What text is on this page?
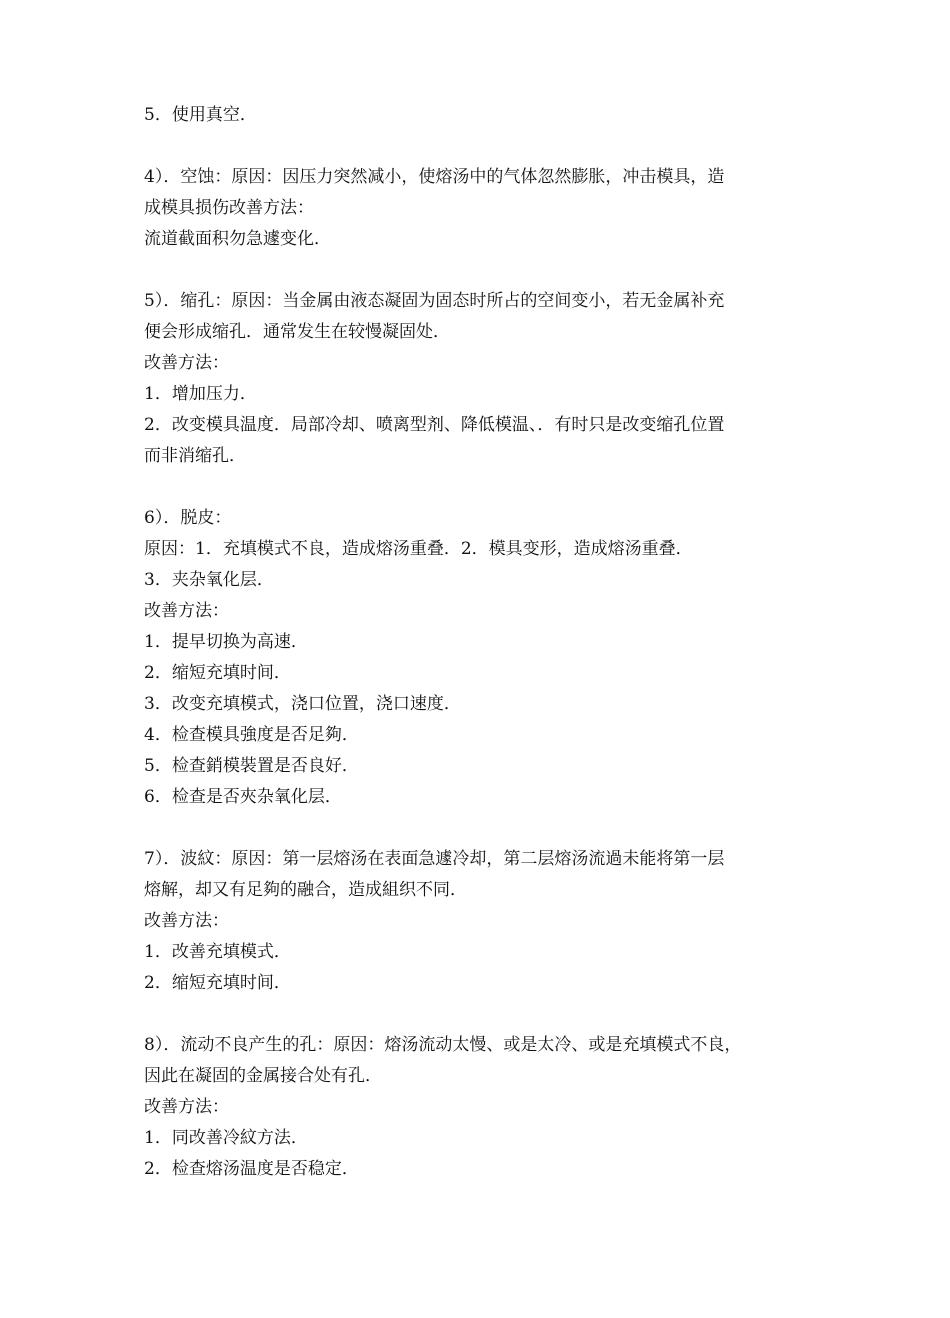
5．使用真空．
4）．空蚀：原因：因压力突然减小，使熔汤中的气体忽然膨胀，冲击模具，造
成模具损伤改善方法：
流道截面积勿急遽变化．
5）．缩孔：原因：当金属由液态凝固为固态时所占的空间变小，若无金属补充
便会形成缩孔．通常发生在较慢凝固处．
改善方法：
1．增加压力．
2．改变模具温度．局部冷却、喷离型剂、降低模温、．有时只是改变缩孔位置
而非消缩孔．
6）．脱皮：
原因：1．充填模式不良，造成熔汤重叠．2．模具变形，造成熔汤重叠．
3．夹杂氧化层．
改善方法：
1．提早切换为高速．
2．缩短充填时间．
3．改变充填模式，浇口位置，浇口速度．
4．检查模具強度是否足夠．
5．检查銷模裝置是否良好．
6．检查是否夾杂氧化层．
7）．波紋：原因：第一层熔汤在表面急遽冷却，第二层熔汤流過未能将第一层
熔解，却又有足夠的融合，造成組织不同．
改善方法：
1．改善充填模式．
2．缩短充填时间．
8）．流动不良产生的孔：原因：熔汤流动太慢、或是太冷、或是充填模式不良，
因此在凝固的金属接合处有孔．
改善方法：
1．同改善冷紋方法．
2．检查熔汤温度是否稳定．
